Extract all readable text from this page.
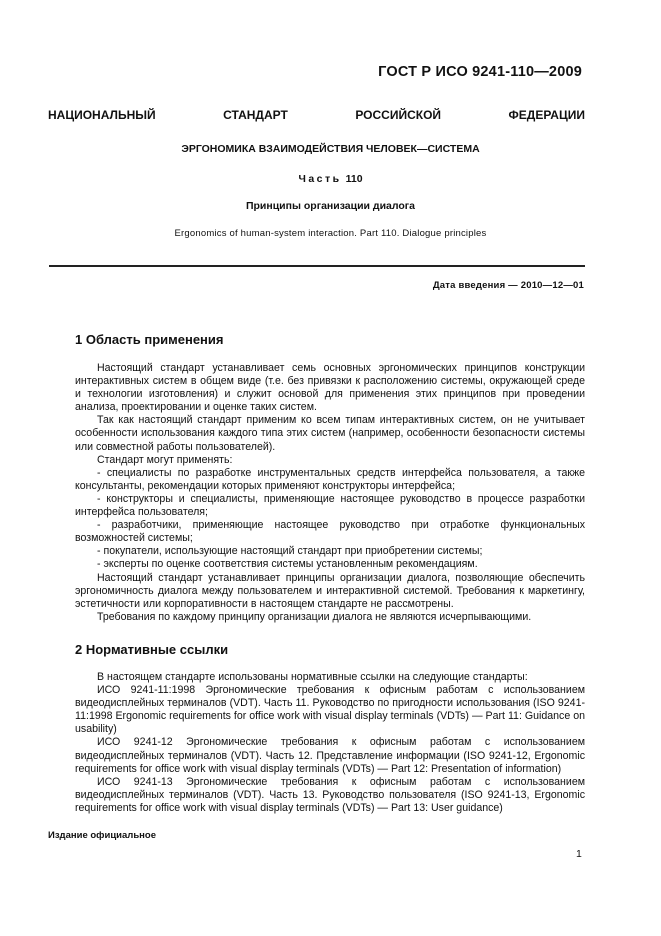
ГОСТ Р ИСО 9241-110—2009
НАЦИОНАЛЬНЫЙ СТАНДАРТ РОССИЙСКОЙ ФЕДЕРАЦИИ
ЭРГОНОМИКА ВЗАИМОДЕЙСТВИЯ ЧЕЛОВЕК—СИСТЕМА
Часть 110
Принципы организации диалога
Ergonomics of human-system interaction. Part 110. Dialogue principles
Дата введения — 2010—12—01
1 Область применения

Настоящий стандарт устанавливает семь основных эргономических принципов конструкции интерактивных систем в общем виде (т.е. без привязки к расположению системы, окружающей среде и технологии изготовления) и служит основой для применения этих принципов при проведении анализа, проектировании и оценке таких систем.

Так как настоящий стандарт применим ко всем типам интерактивных систем, он не учитывает особенности использования каждого типа этих систем (например, особенности безопасности системы или совместной работы пользователей).

Стандарт могут применять:

- специалисты по разработке инструментальных средств интерфейса пользователя, а также консультанты, рекомендации которых применяют конструкторы интерфейса;

- конструкторы и специалисты, применяющие настоящее руководство в процессе разработки интерфейса пользователя;

- разработчики, применяющие настоящее руководство при отработке функциональных возможностей системы;

- покупатели, использующие настоящий стандарт при приобретении системы;

- эксперты по оценке соответствия системы установленным рекомендациям.

Настоящий стандарт устанавливает принципы организации диалога, позволяющие обеспечить эргономичность диалога между пользователем и интерактивной системой. Требования к маркетингу, эстетичности или корпоративности в настоящем стандарте не рассмотрены.

Требования по каждому принципу организации диалога не являются исчерпывающими.

2 Нормативные ссылки

В настоящем стандарте использованы нормативные ссылки на следующие стандарты:

ИСО 9241-11:1998 Эргономические требования к офисным работам с использованием видеодисплейных терминалов (VDT). Часть 11. Руководство по пригодности использования (ISO 9241-11:1998 Ergonomic requirements for office work with visual display terminals (VDTs) — Part 11: Guidance on usability)

ИСО 9241-12 Эргономические требования к офисным работам с использованием видеодисплейных терминалов (VDT). Часть 12. Представление информации (ISO 9241-12, Ergonomic requirements for office work with visual display terminals (VDTs) — Part 12: Presentation of information)

ИСО 9241-13 Эргономические требования к офисным работам с использованием видеодисплейных терминалов (VDT). Часть 13. Руководство пользователя (ISO 9241-13, Ergonomic requirements for office work with visual display terminals (VDTs) — Part 13: User guidance)

Издание официальное
1
